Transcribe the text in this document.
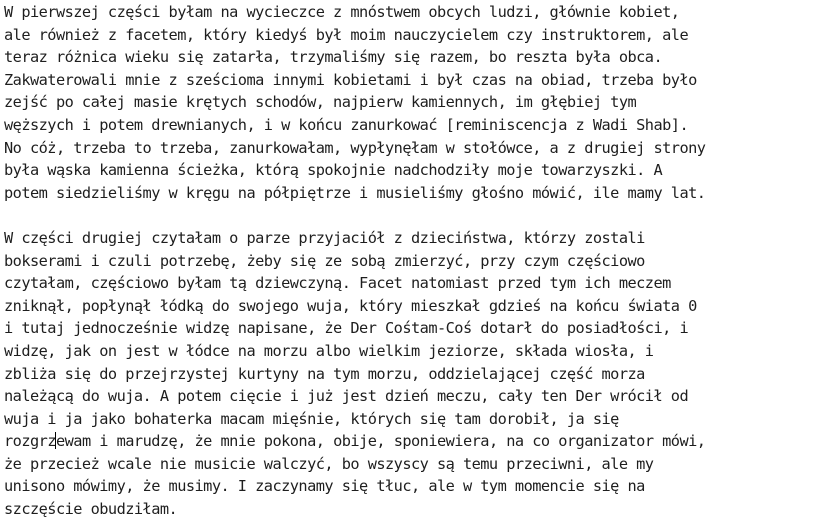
W pierwszej części byłam na wycieczce z mnóstwem obcych ludzi, głównie kobiet,
ale również z facetem, który kiedyś był moim nauczycielem czy instruktorem, ale
teraz różnica wieku się zatarła, trzymaliśmy się razem, bo reszta była obca.
Zakwaterowali mnie z sześcioma innymi kobietami i był czas na obiad, trzeba było
zejść po całej masie krętych schodów, najpierw kamiennych, im głębiej tym
węższych i potem drewnianych, i w końcu zanurkować [reminiscencja z Wadi Shab].
No cóż, trzeba to trzeba, zanurkowałam, wypłynęłam w stołówce, a z drugiej strony
była wąska kamienna ścieżka, którą spokojnie nadchodziły moje towarzyszki. A
potem siedzieliśmy w kręgu na półpiętrze i musieliśmy głośno mówić, ile mamy lat.

W części drugiej czytałam o parze przyjaciół z dzieciństwa, którzy zostali
bokserami i czuli potrzebę, żeby się ze sobą zmierzyć, przy czym częściowo
czytałam, częściowo byłam tą dziewczyną. Facet natomiast przed tym ich meczem
zniknął, popłynął łódką do swojego wuja, który mieszkał gdzieś na końcu świata 0
i tutaj jednocześnie widzę napisane, że Der Cośtam-Coś dotarł do posiadłości, i
widzę, jak on jest w łódce na morzu albo wielkim jeziorze, składa wiosła, i
zbliża się do przejrzystej kurtyny na tym morzu, oddzielającej część morza
należącą do wuja. A potem cięcie i już jest dzień meczu, cały ten Der wrócił od
wuja i ja jako bohaterka macam mięśnie, których się tam dorobił, ja się
rozgrzewam i marudzę, że mnie pokona, obije, sponiewiera, na co organizator mówi,
że przecież wcale nie musicie walczyć, bo wszyscy są temu przeciwni, ale my
unisono mówimy, że musimy. I zaczynamy się tłuc, ale w tym momencie się na
szczęście obudziłam.
